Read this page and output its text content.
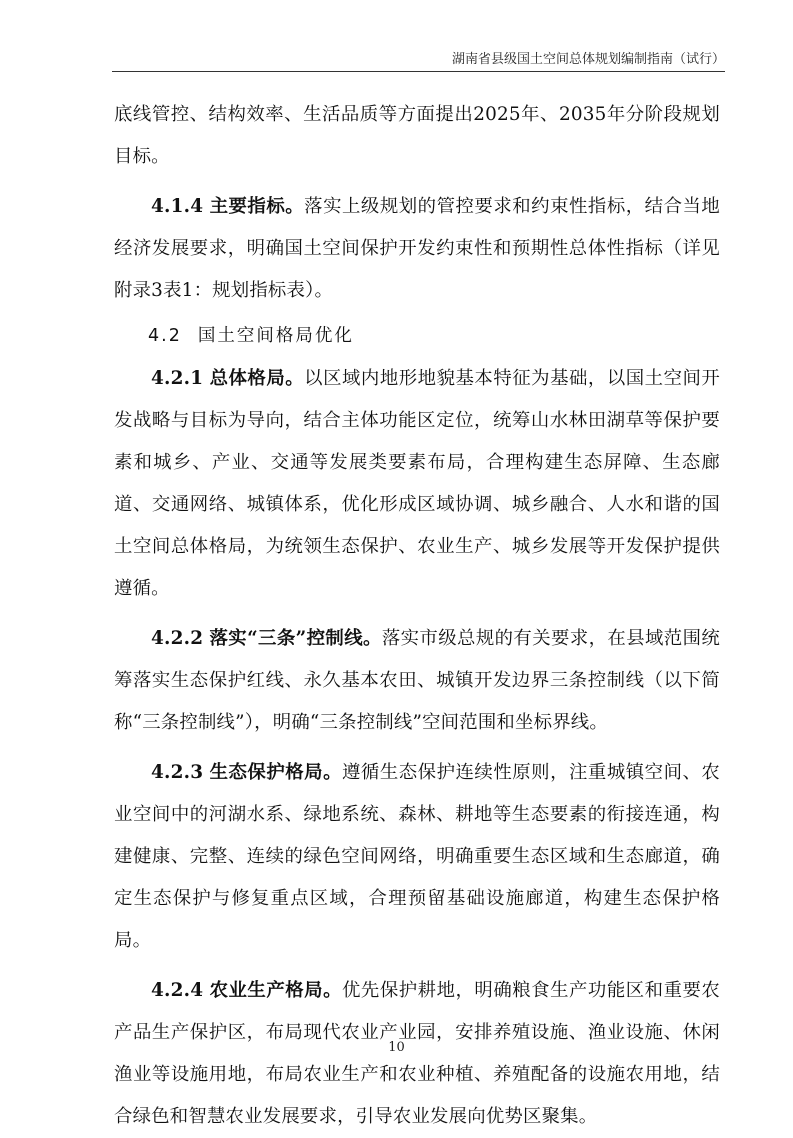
湖南省县级国土空间总体规划编制指南（试行）

底线管控、结构效率、生活品质等方面提出2025年、2035年分阶段规划目标。

4.1.4 主要指标。落实上级规划的管控要求和约束性指标，结合当地经济发展要求，明确国土空间保护开发约束性和预期性总体性指标（详见附录3表1：规划指标表）。

4.2 国土空间格局优化

4.2.1 总体格局。以区域内地形地貌基本特征为基础，以国土空间开发战略与目标为导向，结合主体功能区定位，统筹山水林田湖草等保护要素和城乡、产业、交通等发展类要素布局，合理构建生态屏障、生态廊道、交通网络、城镇体系，优化形成区域协调、城乡融合、人水和谐的国土空间总体格局，为统领生态保护、农业生产、城乡发展等开发保护提供遵循。

4.2.2 落实“三条”控制线。落实市级总规的有关要求，在县域范围统筹落实生态保护红线、永久基本农田、城镇开发边界三条控制线（以下简称“三条控制线”），明确“三条控制线”空间范围和坐标界线。

4.2.3 生态保护格局。遵循生态保护连续性原则，注重城镇空间、农业空间中的河湖水系、绿地系统、森林、耕地等生态要素的衔接连通，构建健康、完整、连续的绿色空间网络，明确重要生态区域和生态廊道，确定生态保护与修复重点区域，合理预留基础设施廊道，构建生态保护格局。

4.2.4 农业生产格局。优先保护耕地，明确粮食生产功能区和重要农产品生产保护区，布局现代农业产业园，安排养殖设施、渔业设施、休闲渔业等设施用地，布局农业生产和农业种植、养殖配备的设施农用地，结合绿色和智慧农业发展要求，引导农业发展向优势区聚集。

10
